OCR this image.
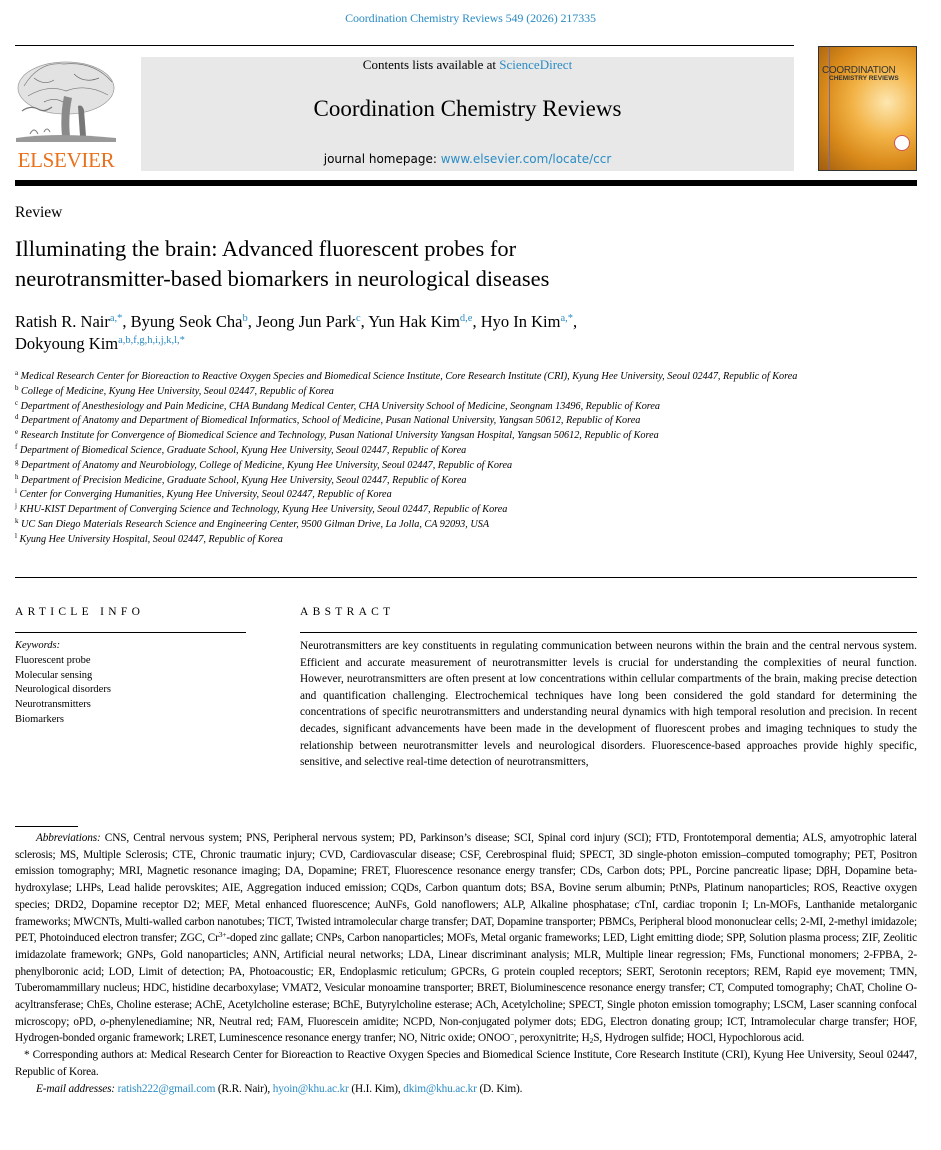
Coordination Chemistry Reviews 549 (2026) 217335
ELSEVIER
Contents lists available at ScienceDirect
Coordination Chemistry Reviews
journal homepage: www.elsevier.com/locate/ccr
COORDINATION
CHEMISTRY REVIEWS
Review
Illuminating the brain: Advanced fluorescent probes for
neurotransmitter-based biomarkers in neurological diseases
Ratish R. Nair$^{a,*}$, Byung Seok Cha$^b$, Jeong Jun Park$^c$, Yun Hak Kim$^{d,e}$, Hyo In Kim$^{a,*}$,
Dokyoung Kim$^{a,b,f,g,h,i,j,k,l,*}$
$^a$ Medical Research Center for Bioreaction to Reactive Oxygen Species and Biomedical Science Institute, Core Research Institute (CRI), Kyung Hee University, Seoul 02447, Republic of Korea
$^b$ College of Medicine, Kyung Hee University, Seoul 02447, Republic of Korea
$^c$ Department of Anesthesiology and Pain Medicine, CHA Bundang Medical Center, CHA University School of Medicine, Seongnam 13496, Republic of Korea
$^d$ Department of Anatomy and Department of Biomedical Informatics, School of Medicine, Pusan National University, Yangsan 50612, Republic of Korea
$^e$ Research Institute for Convergence of Biomedical Science and Technology, Pusan National University Yangsan Hospital, Yangsan 50612, Republic of Korea
$^f$ Department of Biomedical Science, Graduate School, Kyung Hee University, Seoul 02447, Republic of Korea
$^g$ Department of Anatomy and Neurobiology, College of Medicine, Kyung Hee University, Seoul 02447, Republic of Korea
$^h$ Department of Precision Medicine, Graduate School, Kyung Hee University, Seoul 02447, Republic of Korea
$^i$ Center for Converging Humanities, Kyung Hee University, Seoul 02447, Republic of Korea
$^j$ KHU-KIST Department of Converging Science and Technology, Kyung Hee University, Seoul 02447, Republic of Korea
$^k$ UC San Diego Materials Research Science and Engineering Center, 9500 Gilman Drive, La Jolla, CA 92093, USA
$^l$ Kyung Hee University Hospital, Seoul 02447, Republic of Korea
ARTICLE INFO	ABSTRACT
Keywords:
Fluorescent probe
Molecular sensing
Neurological disorders
Neurotransmitters
Biomarkers
Neurotransmitters are key constituents in regulating communication between neurons within the brain and the central nervous system. Efficient and accurate measurement of neurotransmitter levels is crucial for understanding the complexities of neural function. However, neurotransmitters are often present at low concentrations within cellular compartments of the brain, making precise detection and quantification challenging. Electrochemical techniques have long been considered the gold standard for determining the concentrations of specific neurotransmitters and understanding neural dynamics with high temporal resolution and precision. In recent decades, significant advancements have been made in the development of fluorescent probes and imaging techniques to study the relationship between neurotransmitter levels and neurological disorders. Fluorescence-based approaches provide highly specific, sensitive, and selective real-time detection of neurotransmitters,

Abbreviations: CNS, Central nervous system; PNS, Peripheral nervous system; PD, Parkinson’s disease; SCI, Spinal cord injury (SCI); FTD, Frontotemporal dementia; ALS, amyotrophic lateral sclerosis; MS, Multiple Sclerosis; CTE, Chronic traumatic injury; CVD, Cardiovascular disease; CSF, Cerebrospinal fluid; SPECT, 3D single-photon emission–computed tomography; PET, Positron emission tomography; MRI, Magnetic resonance imaging; DA, Dopamine; FRET, Fluorescence resonance energy transfer; CDs, Carbon dots; PPL, Porcine pancreatic lipase; DβH, Dopamine beta-hydroxylase; LHPs, Lead halide perovskites; AIE, Aggregation induced emission; CQDs, Carbon quantum dots; BSA, Bovine serum albumin; PtNPs, Platinum nanoparticles; ROS, Reactive oxygen species; DRD2, Dopamine receptor D2; MEF, Metal enhanced fluorescence; AuNFs, Gold nanoflowers; ALP, Alkaline phosphatase; cTnI, cardiac troponin I; Ln-MOFs, Lanthanide metalorganic frameworks; MWCNTs, Multi-walled carbon nanotubes; TICT, Twisted intramolecular charge transfer; DAT, Dopamine transporter; PBMCs, Peripheral blood mononuclear cells; 2-MI, 2-methyl imidazole; PET, Photoinduced electron transfer; ZGC, $Cr^{3+}$-doped zinc gallate; CNPs, Carbon nanoparticles; MOFs, Metal organic frameworks; LED, Light emitting diode; SPP, Solution plasma process; ZIF, Zeolitic imidazolate framework; GNPs, Gold nanoparticles; ANN, Artificial neural networks; LDA, Linear discriminant analysis; MLR, Multiple linear regression; FMs, Functional monomers; 2-FPBA, 2-phenylboronic acid; LOD, Limit of detection; PA, Photoacoustic; ER, Endoplasmic reticulum; GPCRs, G protein coupled receptors; SERT, Serotonin receptors; REM, Rapid eye movement; TMN, Tuberomammillary nucleus; HDC, histidine decarboxylase; VMAT2, Vesicular monoamine transporter; BRET, Bioluminescence resonance energy transfer; CT, Computed tomography; ChAT, Choline O-acyltransferase; ChEs, Choline esterase; AChE, Acetylcholine esterase; BChE, Butyrylcholine esterase; ACh, Acetylcholine; SPECT, Single photon emission tomography; LSCM, Laser scanning confocal microscopy; oPD, o-phenylenediamine; NR, Neutral red; FAM, Fluorescein amidite; NCPD, Non-conjugated polymer dots; EDG, Electron donating group; ICT, Intramolecular charge transfer; HOF, Hydrogen-bonded organic framework; LRET, Luminescence resonance energy tranfer; NO, Nitric oxide; ONOO−, peroxynitrite; $H_2S$, Hydrogen sulfide; HOCl, Hypochlorous acid.

* Corresponding authors at: Medical Research Center for Bioreaction to Reactive Oxygen Species and Biomedical Science Institute, Core Research Institute (CRI), Kyung Hee University, Seoul 02447, Republic of Korea.

E-mail addresses: ratish222@gmail.com (R.R. Nair), hyoin@khu.ac.kr (H.I. Kim), dkim@khu.ac.kr (D. Kim).
